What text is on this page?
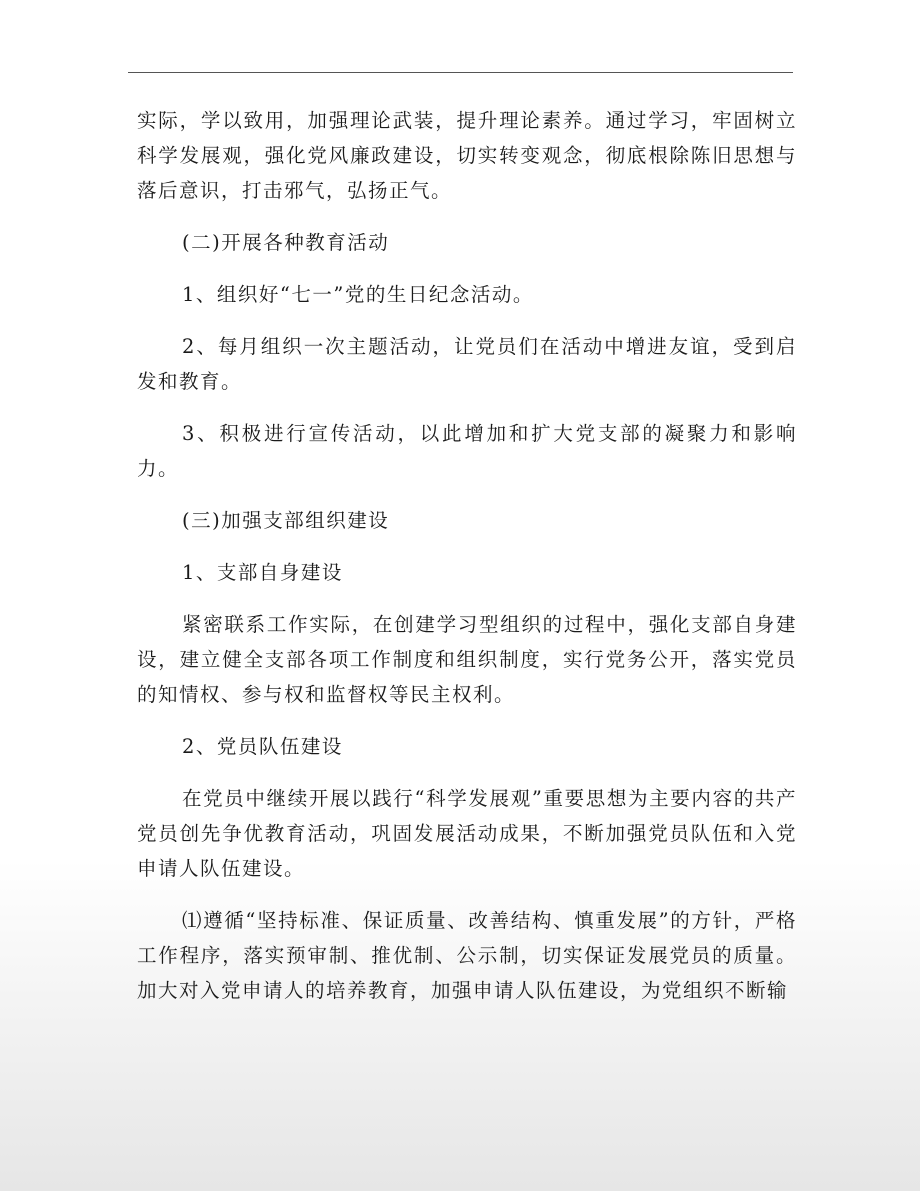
实际，学以致用，加强理论武装，提升理论素养。通过学习，牢固树立科学发展观，强化党风廉政建设，切实转变观念，彻底根除陈旧思想与落后意识，打击邪气，弘扬正气。

(二)开展各种教育活动

1、组织好“七一”党的生日纪念活动。

2、每月组织一次主题活动，让党员们在活动中增进友谊，受到启发和教育。

3、积极进行宣传活动，以此增加和扩大党支部的凝聚力和影响力。

(三)加强支部组织建设

1、支部自身建设

紧密联系工作实际，在创建学习型组织的过程中，强化支部自身建设，建立健全支部各项工作制度和组织制度，实行党务公开，落实党员的知情权、参与权和监督权等民主权利。

2、党员队伍建设

在党员中继续开展以践行“科学发展观”重要思想为主要内容的共产党员创先争优教育活动，巩固发展活动成果，不断加强党员队伍和入党申请人队伍建设。

⑴遵循“坚持标准、保证质量、改善结构、慎重发展”的方针，严格工作程序，落实预审制、推优制、公示制，切实保证发展党员的质量。加大对入党申请人的培养教育，加强申请人队伍建设，为党组织不断输
